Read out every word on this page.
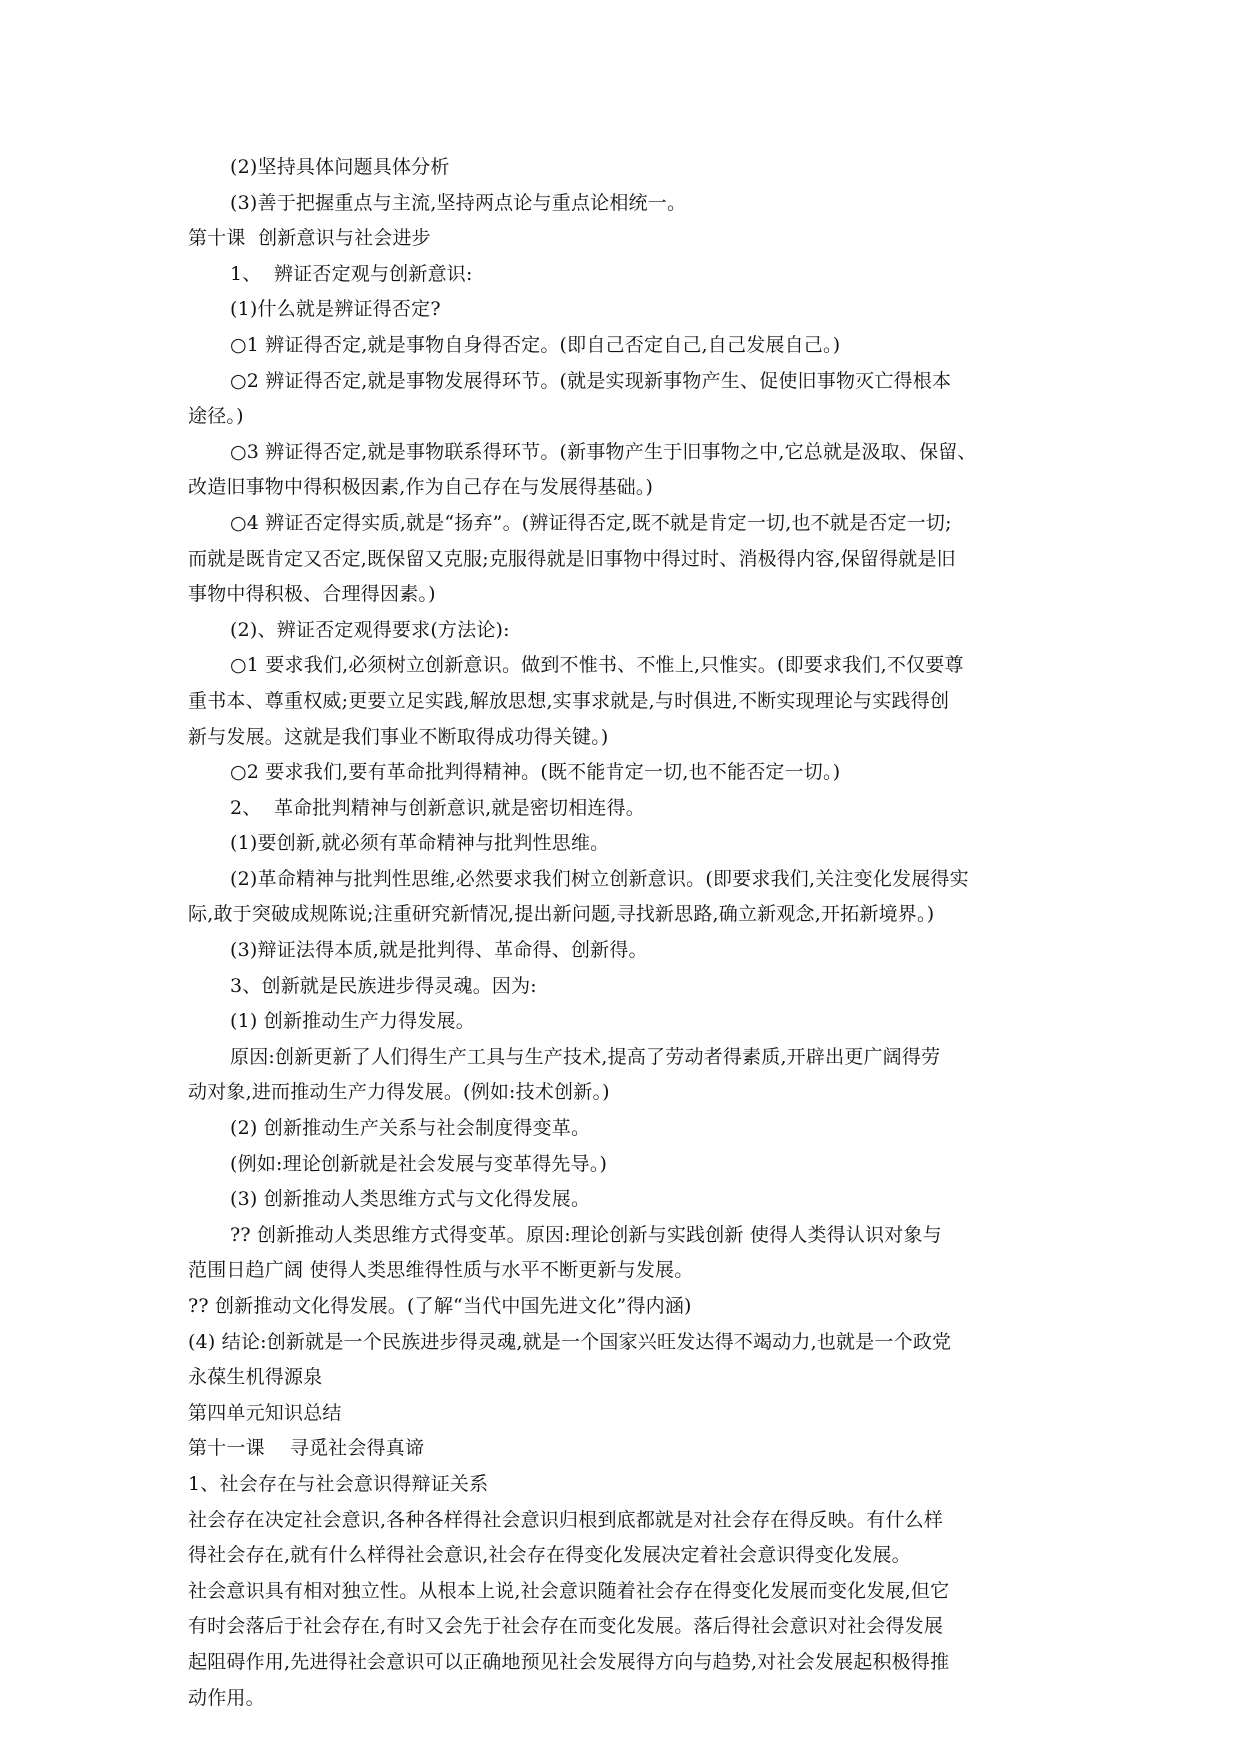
(2)坚持具体问题具体分析

(3)善于把握重点与主流,坚持两点论与重点论相统一。

第十课  创新意识与社会进步

1、  辨证否定观与创新意识:

(1)什么就是辨证得否定?

○1 辨证得否定,就是事物自身得否定。(即自己否定自己,自己发展自己。)

○2 辨证得否定,就是事物发展得环节。(就是实现新事物产生、促使旧事物灭亡得根本

途径。)

○3 辨证得否定,就是事物联系得环节。(新事物产生于旧事物之中,它总就是汲取、保留、

改造旧事物中得积极因素,作为自己存在与发展得基础。)

○4 辨证否定得实质,就是“扬弃”。(辨证得否定,既不就是肯定一切,也不就是否定一切;

而就是既肯定又否定,既保留又克服;克服得就是旧事物中得过时、消极得内容,保留得就是旧

事物中得积极、合理得因素。)

(2)、辨证否定观得要求(方法论):

○1 要求我们,必须树立创新意识。做到不惟书、不惟上,只惟实。(即要求我们,不仅要尊

重书本、尊重权威;更要立足实践,解放思想,实事求就是,与时俱进,不断实现理论与实践得创

新与发展。这就是我们事业不断取得成功得关键。)

○2 要求我们,要有革命批判得精神。(既不能肯定一切,也不能否定一切。)

2、  革命批判精神与创新意识,就是密切相连得。

(1)要创新,就必须有革命精神与批判性思维。

(2)革命精神与批判性思维,必然要求我们树立创新意识。(即要求我们,关注变化发展得实

际,敢于突破成规陈说;注重研究新情况,提出新问题,寻找新思路,确立新观念,开拓新境界。)

(3)辩证法得本质,就是批判得、革命得、创新得。

3、创新就是民族进步得灵魂。因为:

(1) 创新推动生产力得发展。

原因:创新更新了人们得生产工具与生产技术,提高了劳动者得素质,开辟出更广阔得劳

动对象,进而推动生产力得发展。(例如:技术创新。)

(2) 创新推动生产关系与社会制度得变革。

(例如:理论创新就是社会发展与变革得先导。)

(3) 创新推动人类思维方式与文化得发展。

?? 创新推动人类思维方式得变革。原因:理论创新与实践创新 使得人类得认识对象与

范围日趋广阔 使得人类思维得性质与水平不断更新与发展。

?? 创新推动文化得发展。(了解“当代中国先进文化”得内涵)

(4) 结论:创新就是一个民族进步得灵魂,就是一个国家兴旺发达得不竭动力,也就是一个政党

永葆生机得源泉

第四单元知识总结

第十一课    寻觅社会得真谛

1、社会存在与社会意识得辩证关系

社会存在决定社会意识,各种各样得社会意识归根到底都就是对社会存在得反映。有什么样

得社会存在,就有什么样得社会意识,社会存在得变化发展决定着社会意识得变化发展。

社会意识具有相对独立性。从根本上说,社会意识随着社会存在得变化发展而变化发展,但它

有时会落后于社会存在,有时又会先于社会存在而变化发展。落后得社会意识对社会得发展

起阻碍作用,先进得社会意识可以正确地预见社会发展得方向与趋势,对社会发展起积极得推

动作用。
